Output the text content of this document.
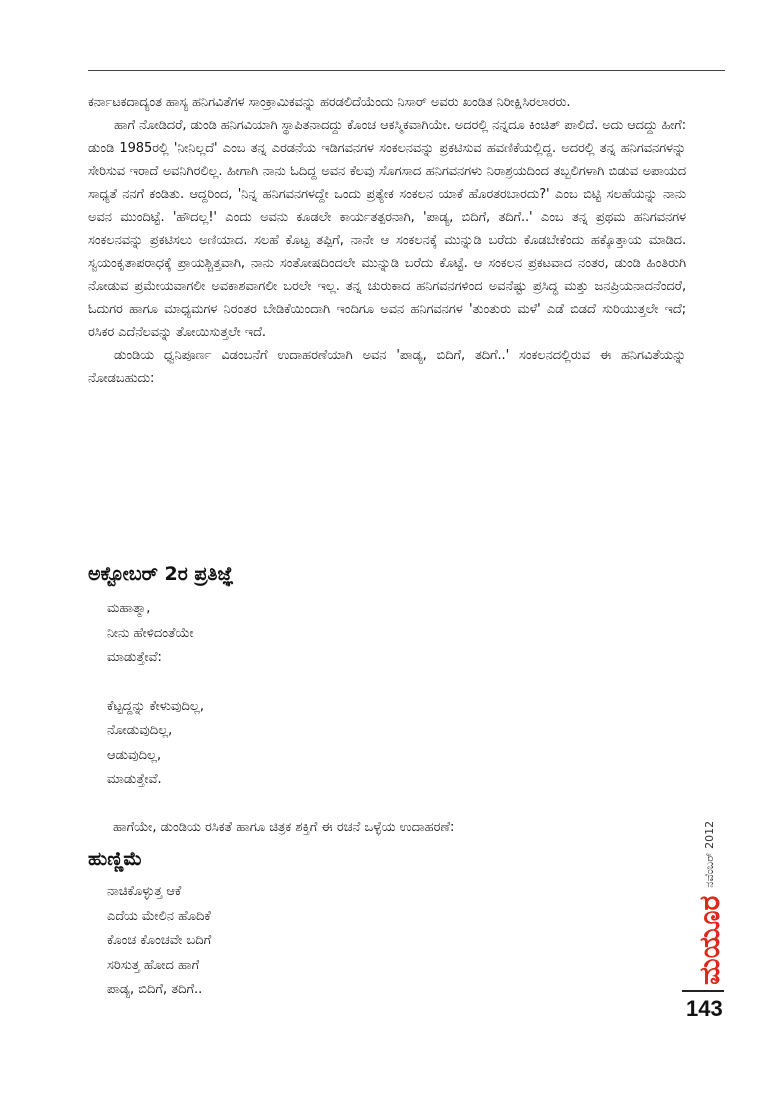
ಕರ್ನಾಟಕದಾದ್ಯಂತ ಹಾಸ್ಯ ಹನಿಗವಿತೆಗಳ ಸಾಂಕ್ರಾಮಿಕವನ್ನು ಹರಡಲಿದೆಯೆಂದು ನಿಸಾರ್ ಅವರು ಖಂಡಿತ ನಿರೀಕ್ಷಿಸಿರಲಾರರು.

ಹಾಗೆ ನೋಡಿದರೆ, ಡುಂಡಿ ಹನಿಗವಿಯಾಗಿ ಸ್ಥಾಪಿತನಾದದ್ದು ಕೊಂಚ ಆಕಸ್ಮಿಕವಾಗಿಯೇ. ಅದರಲ್ಲಿ ನನ್ನದೂ ಕಿಂಚಿತ್ ಪಾಲಿದೆ. ಅದು ಆದದ್ದು ಹೀಗೆ: ಡುಂಡಿ 1985ರಲ್ಲಿ 'ನೀನಿಲ್ಲದೆ' ಎಂಬ ತನ್ನ ಎರಡನೆಯ ಇಡಿಗವನಗಳ ಸಂಕಲನವನ್ನು ಪ್ರಕಟಿಸುವ ಹವಣಿಕೆಯಲ್ಲಿದ್ದ. ಅದರಲ್ಲಿ ತನ್ನ ಹನಿಗವನಗಳನ್ನು ಸೇರಿಸುವ ಇರಾದೆ ಅವನಿಗಿರಲಿಲ್ಲ. ಹೀಗಾಗಿ ನಾನು ಓದಿದ್ದ ಅವನ ಕೆಲವು ಸೊಗಸಾದ ಹನಿಗವನಗಳು ನಿರಾಶ್ರಯದಿಂದ ತಬ್ಬಲಿಗಳಾಗಿ ಬಿಡುವ ಅಪಾಯದ ಸಾಧ್ಯತೆ ನನಗೆ ಕಂಡಿತು. ಆದ್ದರಿಂದ, 'ನಿನ್ನ ಹನಿಗವನಗಳದ್ದೇ ಒಂದು ಪ್ರತ್ಯೇಕ ಸಂಕಲನ ಯಾಕೆ ಹೊರತರಬಾರದು?' ಎಂಬ ಬಿಟ್ಟಿ ಸಲಹೆಯನ್ನು ನಾನು ಅವನ ಮುಂದಿಟ್ಟೆ. 'ಹೌದಲ್ಲ!' ಎಂದು ಅವನು ಕೂಡಲೇ ಕಾರ್ಯತತ್ಪರನಾಗಿ, 'ಪಾಡ್ಯ, ಬಿದಿಗೆ, ತದಿಗೆ..' ಎಂಬ ತನ್ನ ಪ್ರಥಮ ಹನಿಗವನಗಳ ಸಂಕಲನವನ್ನು ಪ್ರಕಟಿಸಲು ಅಣಿಯಾದ. ಸಲಹೆ ಕೊಟ್ಟ ತಪ್ಪಿಗೆ, ನಾನೇ ಆ ಸಂಕಲನಕ್ಕೆ ಮುನ್ನುಡಿ ಬರೆದು ಕೊಡಬೇಕೆಂದು ಹಕ್ಕೊತ್ತಾಯ ಮಾಡಿದ. ಸ್ವಯಂಕೃತಾಪರಾಧಕ್ಕೆ ಪ್ರಾಯಶ್ಚಿತ್ತವಾಗಿ, ನಾನು ಸಂತೋಷದಿಂದಲೇ ಮುನ್ನುಡಿ ಬರೆದು ಕೊಟ್ಟೆ. ಆ ಸಂಕಲನ ಪ್ರಕಟವಾದ ನಂತರ, ಡುಂಡಿ ಹಿಂತಿರುಗಿ ನೋಡುವ ಪ್ರಮೇಯವಾಗಲೀ ಅವಕಾಶವಾಗಲೀ ಬರಲೇ ಇಲ್ಲ. ತನ್ನ ಚುರುಕಾದ ಹನಿಗವನಗಳಿಂದ ಅವನೆಷ್ಟು ಪ್ರಸಿದ್ಧ ಮತ್ತು ಜನಪ್ರಿಯನಾದನೆಂದರೆ, ಓದುಗರ ಹಾಗೂ ಮಾಧ್ಯಮಗಳ ನಿರಂತರ ಬೇಡಿಕೆಯಿಂದಾಗಿ ಇಂದಿಗೂ ಅವನ ಹನಿಗವನಗಳ 'ತುಂತುರು ಮಳೆ' ಎಡೆ ಬಿಡದೆ ಸುರಿಯುತ್ತಲೇ ಇದೆ; ರಸಿಕರ ಎದೆನೆಲವನ್ನು ತೋಯಿಸುತ್ತಲೇ ಇದೆ.

ಡುಂಡಿಯ ಧ್ವನಿಪೂರ್ಣ ವಿಡಂಬನೆಗೆ ಉದಾಹರಣೆಯಾಗಿ ಅವನ 'ಪಾಡ್ಯ, ಬಿದಿಗೆ, ತದಿಗೆ..' ಸಂಕಲನದಲ್ಲಿರುವ ಈ ಹನಿಗವಿತೆಯನ್ನು ನೋಡಬಹುದು:

ಅಕ್ಟೋಬರ್ 2ರ ಪ್ರತಿಜ್ಞೆ
ಮಹಾತ್ಮಾ,
ನೀನು ಹೇಳಿದಂತೆಯೇ
ಮಾಡುತ್ತೇವೆ:
ಕೆಟ್ಟದ್ದನ್ನು ಕೇಳುವುದಿಲ್ಲ,
ನೋಡುವುದಿಲ್ಲ,
ಆಡುವುದಿಲ್ಲ,
ಮಾಡುತ್ತೇವೆ.
ಹಾಗೆಯೇ, ಡುಂಡಿಯ ರಸಿಕತೆ ಹಾಗೂ ಚಿತ್ರಕ ಶಕ್ತಿಗೆ ಈ ರಚನೆ ಒಳ್ಳೆಯ ಉದಾಹರಣೆ:
ಹುಣ್ಣಿಮೆ
ನಾಚಿಕೊಳ್ಳುತ್ತ ಆಕೆ
ಎದೆಯ ಮೇಲಿನ ಹೊದಿಕೆ
ಕೊಂಚ ಕೊಂಚವೇ ಬದಿಗೆ
ಸರಿಸುತ್ತ ಹೋದ ಹಾಗೆ
ಪಾಡ್ಯ, ಬಿದಿಗೆ, ತದಿಗೆ..
ಮಯೂರ
ನವೆಂಬರ್ 2012
143
